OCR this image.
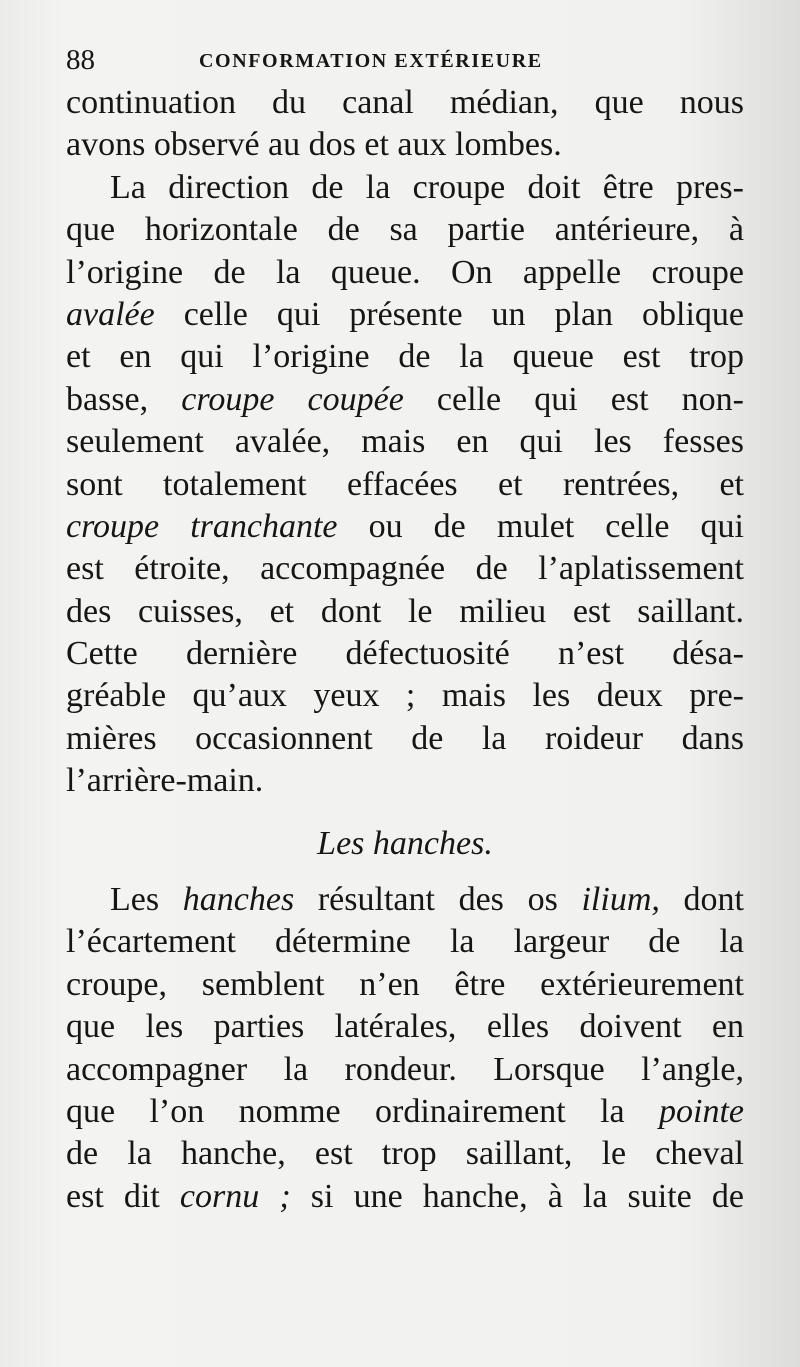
88	CONFORMATION EXTÉRIEURE
continuation du canal médian, que nous
avons observé au dos et aux lombes.
La direction de la croupe doit être pres-
que horizontale de sa partie antérieure, à
l’origine de la queue. On appelle croupe
avalée celle qui présente un plan oblique
et en qui l’origine de la queue est trop
basse, croupe coupée celle qui est non-
seulement avalée, mais en qui les fesses
sont totalement effacées et rentrées, et
croupe tranchante ou de mulet celle qui
est étroite, accompagnée de l’aplatissement
des cuisses, et dont le milieu est saillant.
Cette dernière défectuosité n’est désa-
gréable qu’aux yeux ; mais les deux pre-
mières occasionnent de la roideur dans
l’arrière-main.
Les hanches.
Les hanches résultant des os ilium, dont
l’écartement détermine la largeur de la
croupe, semblent n’en être extérieurement
que les parties latérales, elles doivent en
accompagner la rondeur. Lorsque l’angle,
que l’on nomme ordinairement la pointe
de la hanche, est trop saillant, le cheval
est dit cornu ; si une hanche, à la suite de
